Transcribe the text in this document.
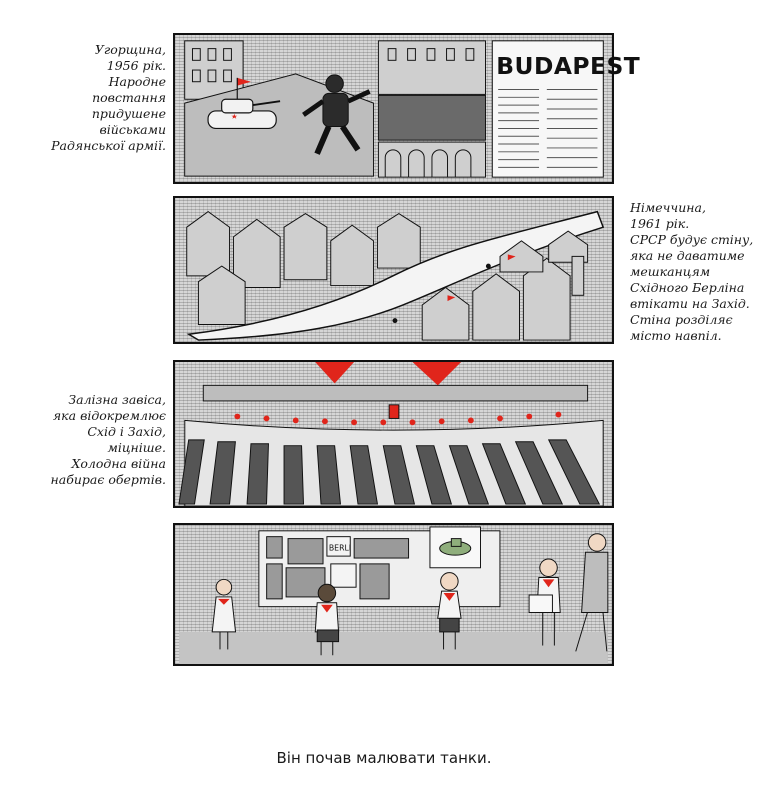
Угорщина,
1956 рік.
Народне
повстання
придушене
військами
Радянської армії.

BUDAPEST

Німеччина,
1961 рік.
СРСР будує стіну,
яка не даватиме
мешканцям
Східного Берліна
втікати на Захід.
Стіна розділяє
місто навпіл.

Залізна завіса,
яка відокремлює
Схід і Захід,
міцніше.
Холодна війна
набирає обертів.

BERLI

Він почав малювати танки.
